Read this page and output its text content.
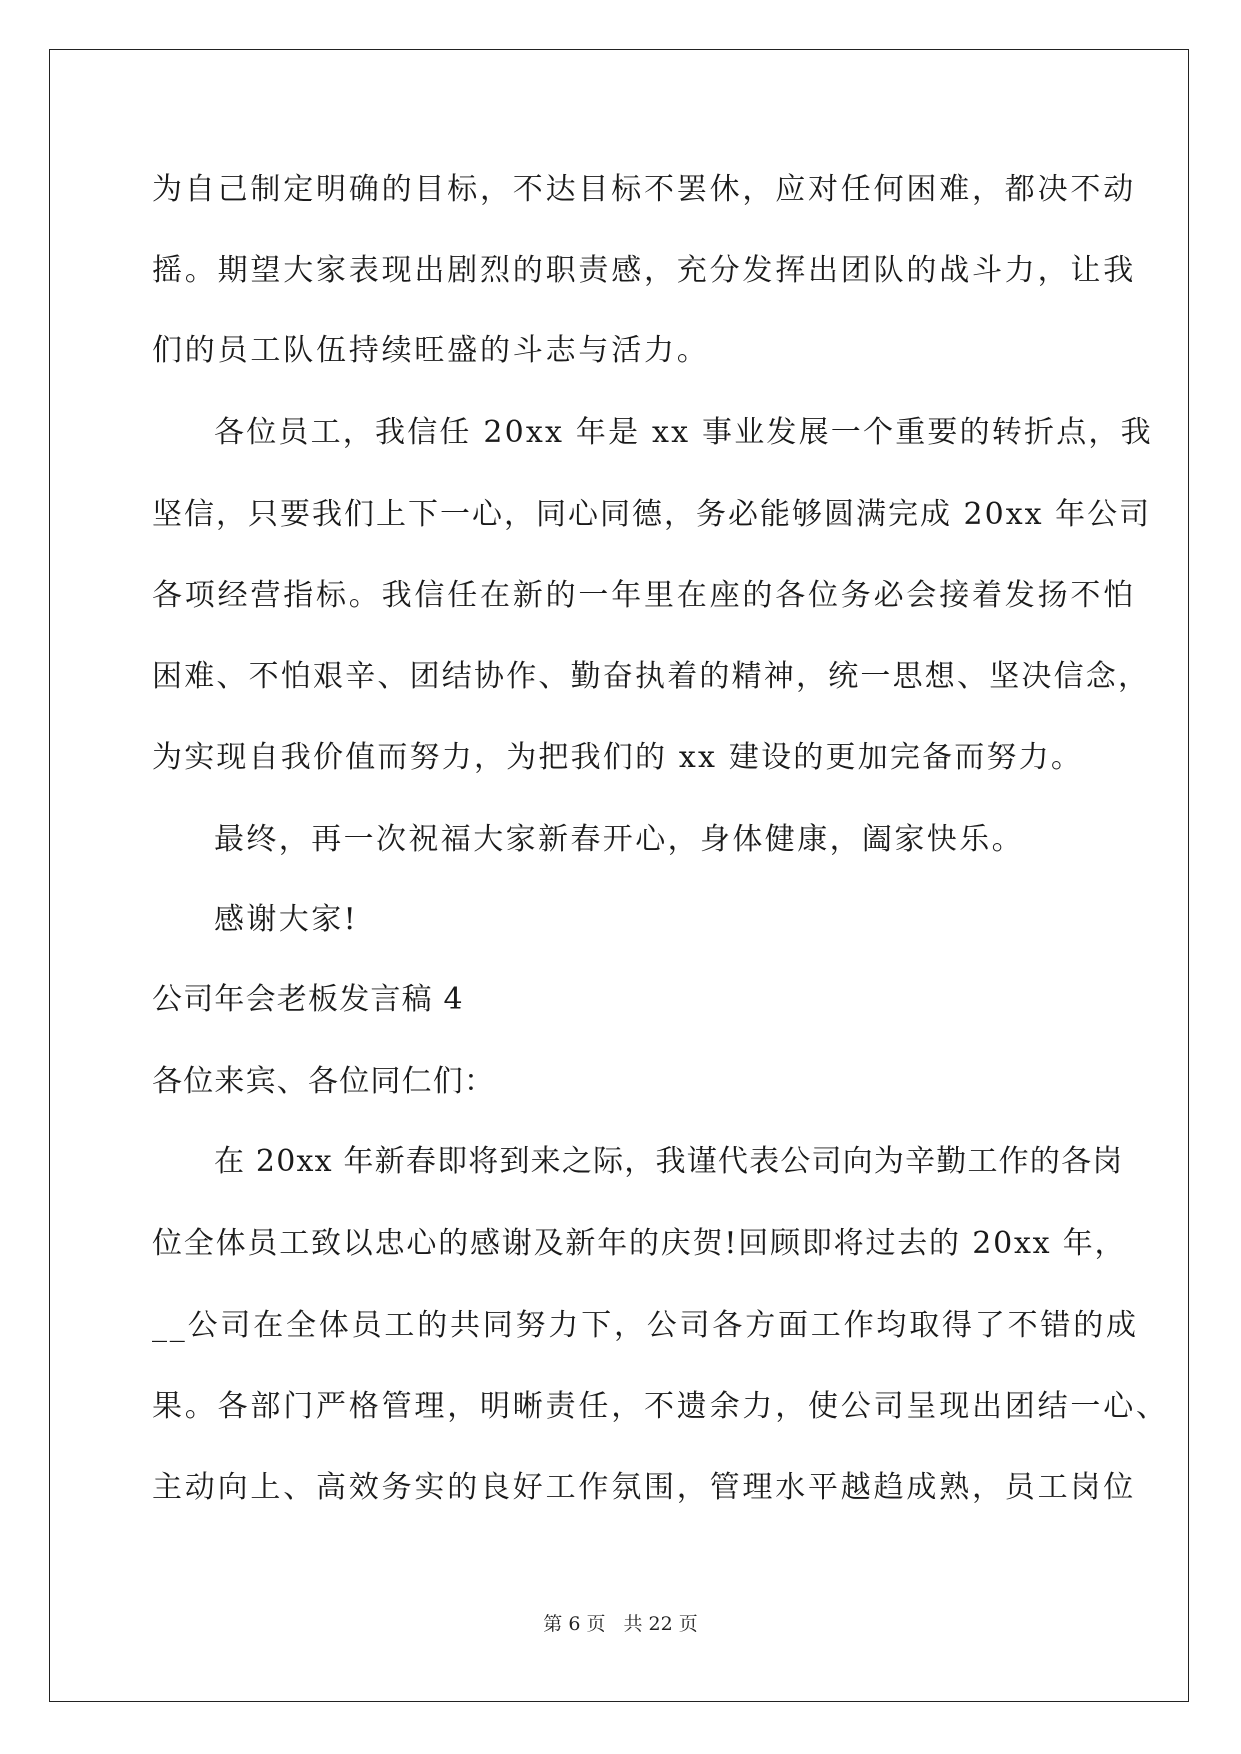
为自己制定明确的目标，不达目标不罢休，应对任何困难，都决不动
摇。期望大家表现出剧烈的职责感，充分发挥出团队的战斗力，让我
们的员工队伍持续旺盛的斗志与活力。
各位员工，我信任 20xx 年是 xx 事业发展一个重要的转折点，我
坚信，只要我们上下一心，同心同德，务必能够圆满完成 20xx 年公司
各项经营指标。我信任在新的一年里在座的各位务必会接着发扬不怕
困难、不怕艰辛、团结协作、勤奋执着的精神，统一思想、坚决信念，
为实现自我价值而努力，为把我们的 xx 建设的更加完备而努力。
最终，再一次祝福大家新春开心，身体健康，阖家快乐。
感谢大家!
公司年会老板发言稿 4
各位来宾、各位同仁们：
在 20xx 年新春即将到来之际，我谨代表公司向为辛勤工作的各岗
位全体员工致以忠心的感谢及新年的庆贺!回顾即将过去的 20xx 年，
__公司在全体员工的共同努力下，公司各方面工作均取得了不错的成
果。各部门严格管理，明晰责任，不遗余力，使公司呈现出团结一心、
主动向上、高效务实的良好工作氛围，管理水平越趋成熟，员工岗位
第 6 页 共 22 页
